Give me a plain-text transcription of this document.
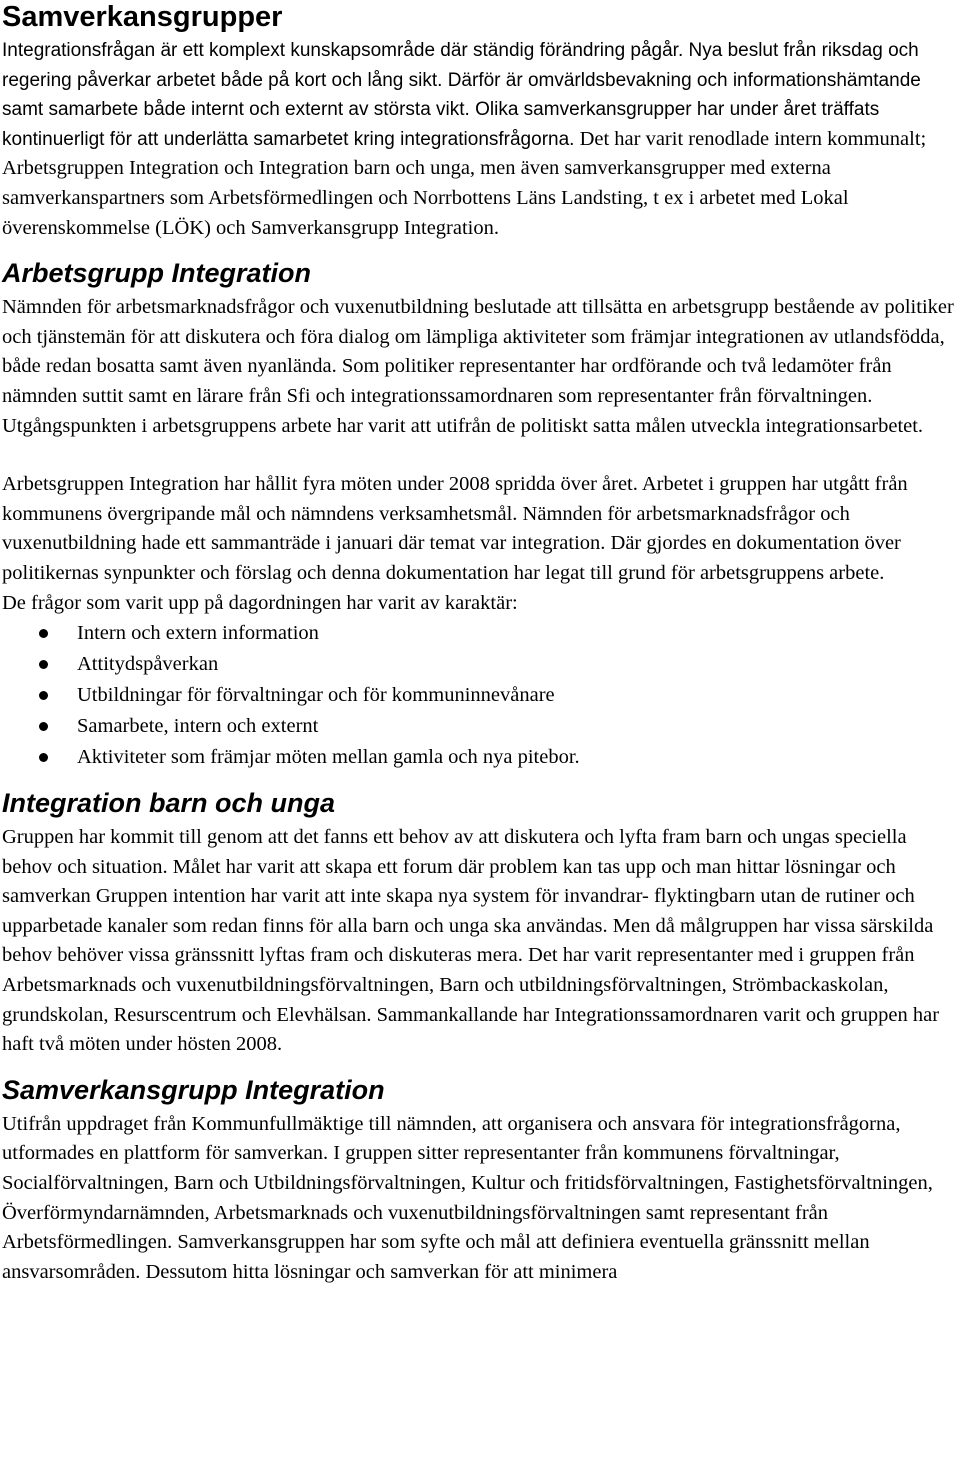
Samverkansgrupper

Integrationsfrågan är ett komplext kunskapsområde där ständig förändring pågår. Nya beslut från riksdag och regering påverkar arbetet både på kort och lång sikt. Därför är omvärldsbevakning och informationshämtande samt samarbete både internt och externt av största vikt. Olika samverkansgrupper har under året träffats kontinuerligt för att underlätta samarbetet kring integrationsfrågorna. Det har varit renodlade intern kommunalt; Arbetsgruppen Integration och Integration barn och unga, men även samverkansgrupper med externa samverkanspartners som Arbetsförmedlingen och Norrbottens Läns Landsting, t ex i arbetet med Lokal överenskommelse (LÖK) och Samverkansgrupp Integration.

Arbetsgrupp Integration

Nämnden för arbetsmarknadsfrågor och vuxenutbildning beslutade att tillsätta en arbetsgrupp bestående av politiker och tjänstemän för att diskutera och föra dialog om lämpliga aktiviteter som främjar integrationen av utlandsfödda, både redan bosatta samt även nyanlända. Som politiker representanter har ordförande och två ledamöter från nämnden suttit samt en lärare från Sfi och integrationssamordnaren som representanter från förvaltningen. Utgångspunkten i arbetsgruppens arbete har varit att utifrån de politiskt satta målen utveckla integrationsarbetet.

Arbetsgruppen Integration har hållit fyra möten under 2008 spridda över året. Arbetet i gruppen har utgått från kommunens övergripande mål och nämndens verksamhetsmål. Nämnden för arbetsmarknadsfrågor och vuxenutbildning hade ett sammanträde i januari där temat var integration. Där gjordes en dokumentation över politikernas synpunkter och förslag och denna dokumentation har legat till grund för arbetsgruppens arbete.

De frågor som varit upp på dagordningen har varit av karaktär:

Intern och extern information
Attitydspåverkan
Utbildningar för förvaltningar och för kommuninnevånare
Samarbete, intern och externt
Aktiviteter som främjar möten mellan gamla och nya pitebor.
Integration barn och unga

Gruppen har kommit till genom att det fanns ett behov av att diskutera och lyfta fram barn och ungas speciella behov och situation. Målet har varit att skapa ett forum där problem kan tas upp och man hittar lösningar och samverkan Gruppen intention har varit att inte skapa nya system för invandrar- flyktingbarn utan de rutiner och upparbetade kanaler som redan finns för alla barn och unga ska användas. Men då målgruppen har vissa särskilda behov behöver vissa gränssnitt lyftas fram och diskuteras mera. Det har varit representanter med i gruppen från Arbetsmarknads och vuxenutbildningsförvaltningen, Barn och utbildningsförvaltningen, Strömbackaskolan, grundskolan, Resurscentrum och Elevhälsan. Sammankallande har Integrationssamordnaren varit och gruppen har haft två möten under hösten 2008.

Samverkansgrupp Integration

Utifrån uppdraget från Kommunfullmäktige till nämnden, att organisera och ansvara för integrationsfrågorna, utformades en plattform för samverkan. I gruppen sitter representanter från kommunens förvaltningar, Socialförvaltningen, Barn och Utbildningsförvaltningen, Kultur och fritidsförvaltningen, Fastighetsförvaltningen, Överförmyndarnämnden, Arbetsmarknads och vuxenutbildningsförvaltningen samt representant från Arbetsförmedlingen. Samverkansgruppen har som syfte och mål att definiera eventuella gränssnitt mellan ansvarsområden. Dessutom hitta lösningar och samverkan för att minimera
